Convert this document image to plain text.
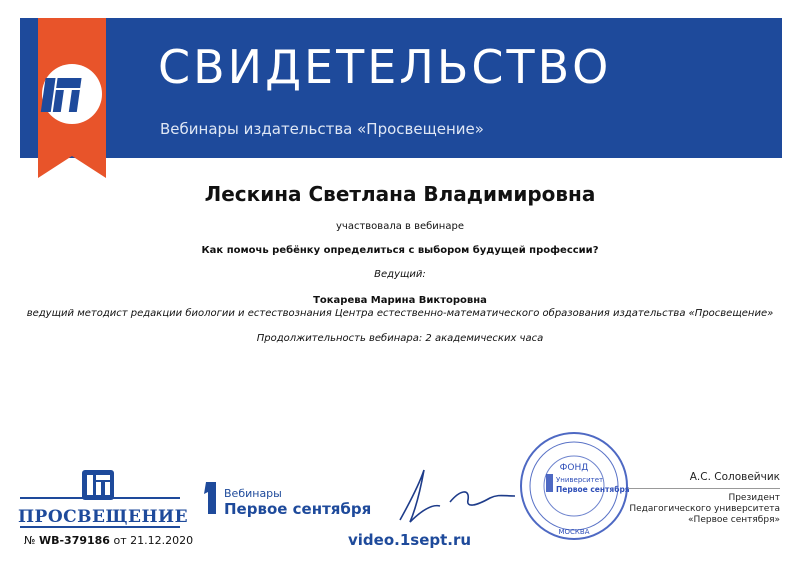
СВИДЕТЕЛЬСТВО
Вебинары издательства «Просвещение»
Лескина Светлана Владимировна
участвовала в вебинаре
Как помочь ребёнку определиться с выбором будущей профессии?
Ведущий:
Токарева Марина Викторовна
ведущий методист редакции биологии и естествознания Центра естественно-математического образования издательства «Просвещение»
Продолжительность вебинара: 2 академических часа
ПРОСВЕЩЕНИЕ
№ WB-379186 от 21.12.2020
Вебинары
Первое сентября
video.1sept.ru
ФОНД
Университет
Первое сентября
МОСКВА
А.С. Соловейчик
Президент
Педагогического университета
«Первое сентября»
